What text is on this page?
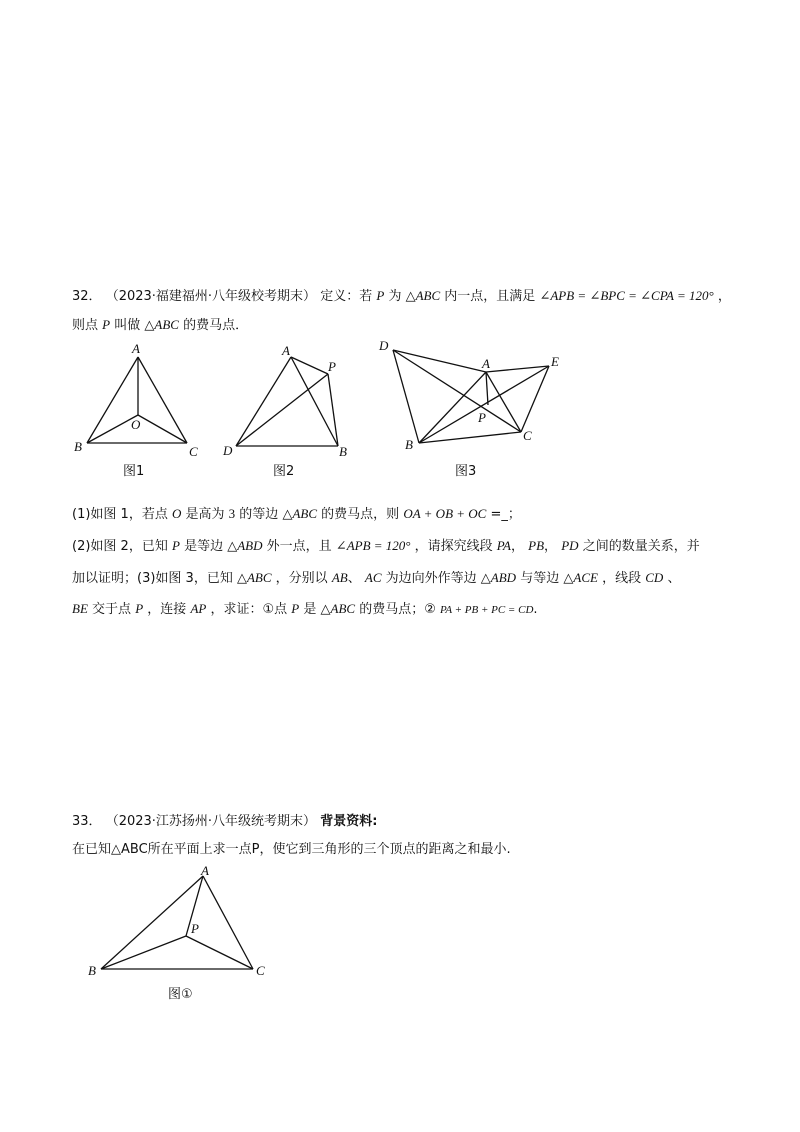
32． （2023·福建福州·八年级校考期末） 定义：若 P 为 △ABC 内一点，且满足 ∠APB = ∠BPC = ∠CPA = 120° ，
则点 P 叫做 △ABC 的费马点．
A
B	C
O
图1
A
P
D	B
图2
D
A	E
P
B
C
图3
(1)如图 1，若点 O 是高为 3 的等边 △ABC 的费马点，则 OA + OB + OC =_；
(2)如图 2，已知 P 是等边 △ABD 外一点，且 ∠APB = 120° ，请探究线段 PA， PB， PD 之间的数量关系，并
加以证明；(3)如图 3，已知 △ABC ，分别以 AB、 AC 为边向外作等边 △ABD 与等边 △ACE ，线段 CD 、
BE 交于点 P ，连接 AP ，求证：①点 P 是 △ABC 的费马点；② PA + PB + PC = CD.
33． （2023·江苏扬州·八年级统考期末） 背景资料:
在已知△ABC所在平面上求一点P，使它到三角形的三个顶点的距离之和最小.
A
P
B	C
图①
